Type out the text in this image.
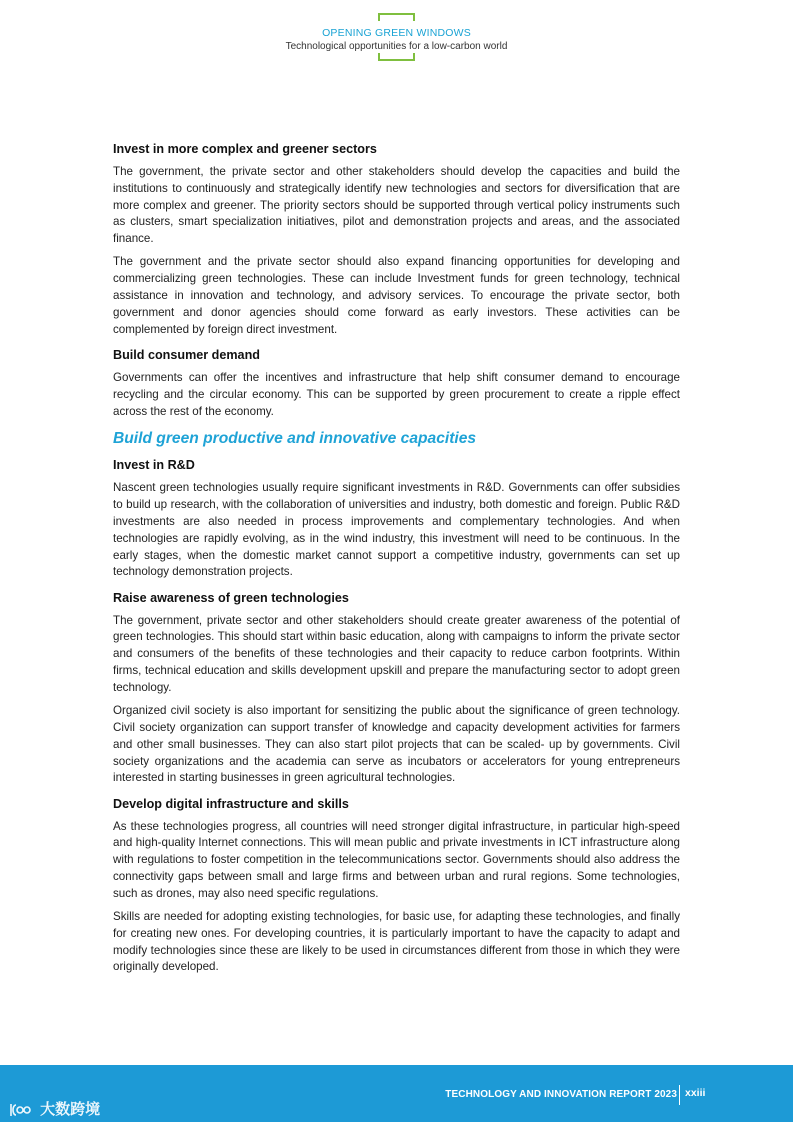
OPENING GREEN WINDOWS
Technological opportunities for a low-carbon world
Invest in more complex and greener sectors

The government, the private sector and other stakeholders should develop the capacities and build the institutions to continuously and strategically identify new technologies and sectors for diversification that are more complex and greener. The priority sectors should be supported through vertical policy instruments such as clusters, smart specialization initiatives, pilot and demonstration projects and areas, and the associated finance.

The government and the private sector should also expand financing opportunities for developing and commercializing green technologies. These can include Investment funds for green technology, technical assistance in innovation and technology, and advisory services. To encourage the private sector, both government and donor agencies should come forward as early investors. These activities can be complemented by foreign direct investment.

Build consumer demand

Governments can offer the incentives and infrastructure that help shift consumer demand to encourage recycling and the circular economy. This can be supported by green procurement to create a ripple effect across the rest of the economy.

Build green productive and innovative capacities
Invest in R&D

Nascent green technologies usually require significant investments in R&D. Governments can offer subsidies to build up research, with the collaboration of universities and industry, both domestic and foreign. Public R&D investments are also needed in process improvements and complementary technologies. And when technologies are rapidly evolving, as in the wind industry, this investment will need to be continuous. In the early stages, when the domestic market cannot support a competitive industry, governments can set up technology demonstration projects.

Raise awareness of green technologies

The government, private sector and other stakeholders should create greater awareness of the potential of green technologies. This should start within basic education, along with campaigns to inform the private sector and consumers of the benefits of these technologies and their capacity to reduce carbon footprints. Within firms, technical education and skills development upskill and prepare the manufacturing sector to adopt green technology.

Organized civil society is also important for sensitizing the public about the significance of green technology. Civil society organization can support transfer of knowledge and capacity development activities for farmers and other small businesses. They can also start pilot projects that can be scaled- up by governments. Civil society organizations and the academia can serve as incubators or accelerators for young entrepreneurs interested in starting businesses in green agricultural technologies.

Develop digital infrastructure and skills

As these technologies progress, all countries will need stronger digital infrastructure, in particular high-speed and high-quality Internet connections. This will mean public and private investments in ICT infrastructure along with regulations to foster competition in the telecommunications sector. Governments should also address the connectivity gaps between small and large firms and between urban and rural regions. Some technologies, such as drones, may also need specific regulations.

Skills are needed for adopting existing technologies, for basic use, for adapting these technologies, and finally for creating new ones. For developing countries, it is particularly important to have the capacity to adapt and modify technologies since these are likely to be used in circumstances different from those in which they were originally developed.

大数跨境
TECHNOLOGY AND INNOVATION REPORT 2023 xxiii
